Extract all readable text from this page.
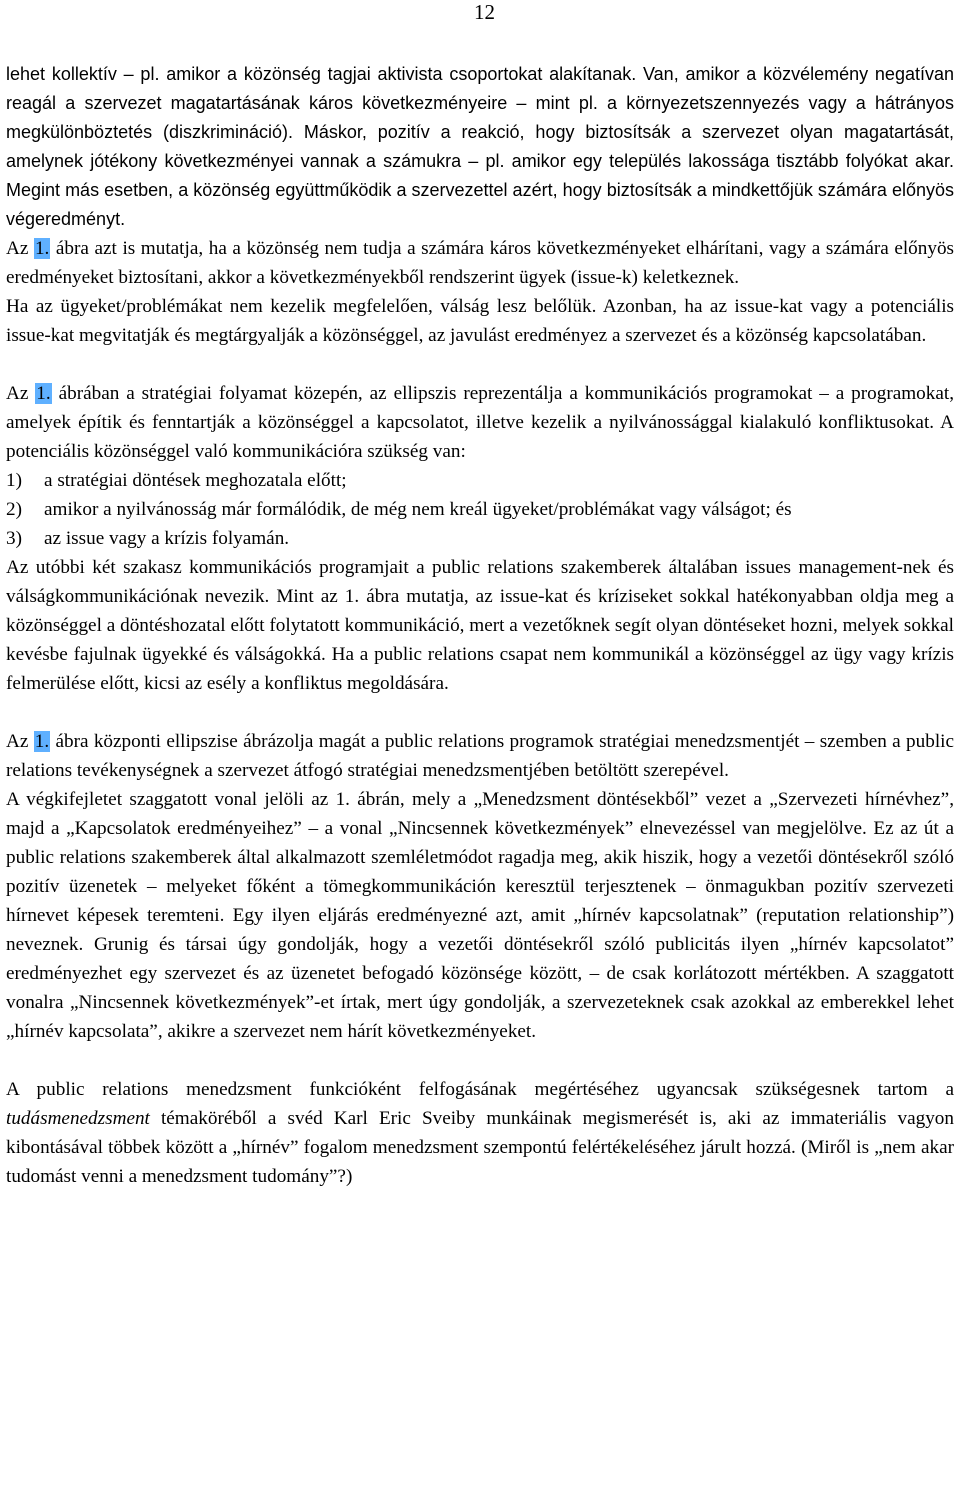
12

lehet kollektív – pl. amikor a közönség tagjai aktivista csoportokat alakítanak. Van, amikor a közvélemény negatívan reagál a szervezet magatartásának káros következményeire – mint pl. a környezetszennyezés vagy a hátrányos megkülönböztetés (diszkrimináció). Máskor, pozitív a reakció, hogy biztosítsák a szervezet olyan magatartását, amelynek jótékony következményei vannak a számukra – pl. amikor egy település lakossága tisztább folyókat akar. Megint más esetben, a közönség együttműködik a szervezettel azért, hogy biztosítsák a mindkettőjük számára előnyös végeredményt.

Az 1. ábra azt is mutatja, ha a közönség nem tudja a számára káros következményeket elhárítani, vagy a számára előnyös eredményeket biztosítani, akkor a következményekből rendszerint ügyek (issue-k) keletkeznek.

Ha az ügyeket/problémákat nem kezelik megfelelően, válság lesz belőlük. Azonban, ha az issue-kat vagy a potenciális issue-kat megvitatják és megtárgyalják a közönséggel, az javulást eredményez a szervezet és a közönség kapcsolatában.

Az 1. ábrában a stratégiai folyamat közepén, az ellipszis reprezentálja a kommunikációs programokat – a programokat, amelyek építik és fenntartják a közönséggel a kapcsolatot, illetve kezelik a nyilvánossággal kialakuló konfliktusokat. A potenciális közönséggel való kommunikációra szükség van:

1)	a stratégiai döntések meghozatala előtt;
2)	amikor a nyilvánosság már formálódik, de még nem kreál ügyeket/problémákat vagy válságot; és
3)	az issue vagy a krízis folyamán.

Az utóbbi két szakasz kommunikációs programjait a public relations szakemberek általában issues management-nek és válságkommunikációnak nevezik. Mint az 1. ábra mutatja, az issue-kat és kríziseket sokkal hatékonyabban oldja meg a közönséggel a döntéshozatal előtt folytatott kommunikáció, mert a vezetőknek segít olyan döntéseket hozni, melyek sokkal kevésbe fajulnak ügyekké és válságokká. Ha a public relations csapat nem kommunikál a közönséggel az ügy vagy krízis felmerülése előtt, kicsi az esély a konfliktus megoldására.

Az 1. ábra központi ellipszise ábrázolja magát a public relations programok stratégiai menedzsmentjét – szemben a public relations tevékenységnek a szervezet átfogó stratégiai menedzsmentjében betöltött szerepével.

A végkifejletet szaggatott vonal jelöli az 1. ábrán, mely a „Menedzsment döntésekből” vezet a „Szervezeti hírnévhez”, majd a „Kapcsolatok eredményeihez” – a vonal „Nincsennek következmények” elnevezéssel van megjelölve. Ez az út a public relations szakemberek által alkalmazott szemléletmódot ragadja meg, akik hiszik, hogy a vezetői döntésekről szóló pozitív üzenetek – melyeket főként a tömegkommunikáción keresztül terjesztenek – önmagukban pozitív szervezeti hírnevet képesek teremteni. Egy ilyen eljárás eredményezné azt, amit „hírnév kapcsolatnak” (reputation relationship”) neveznek. Grunig és társai úgy gondolják, hogy a vezetői döntésekről szóló publicitás ilyen „hírnév kapcsolatot” eredményezhet egy szervezet és az üzenetet befogadó közönsége között, – de csak korlátozott mértékben. A szaggatott vonalra „Nincsennek következmények”-et írtak, mert úgy gondolják, a szervezeteknek csak azokkal az emberekkel lehet „hírnév kapcsolata”, akikre a szervezet nem hárít következményeket.

A public relations menedzsment funkcióként felfogásának megértéséhez ugyancsak szükségesnek tartom a tudásmenedzsment témaköréből a svéd Karl Eric Sveiby munkáinak megismerését is, aki az immateriális vagyon kibontásával többek között a „hírnév” fogalom menedzsment szempontú felértékeléséhez járult hozzá. (Miről is „nem akar tudomást venni a menedzsment tudomány”?)
